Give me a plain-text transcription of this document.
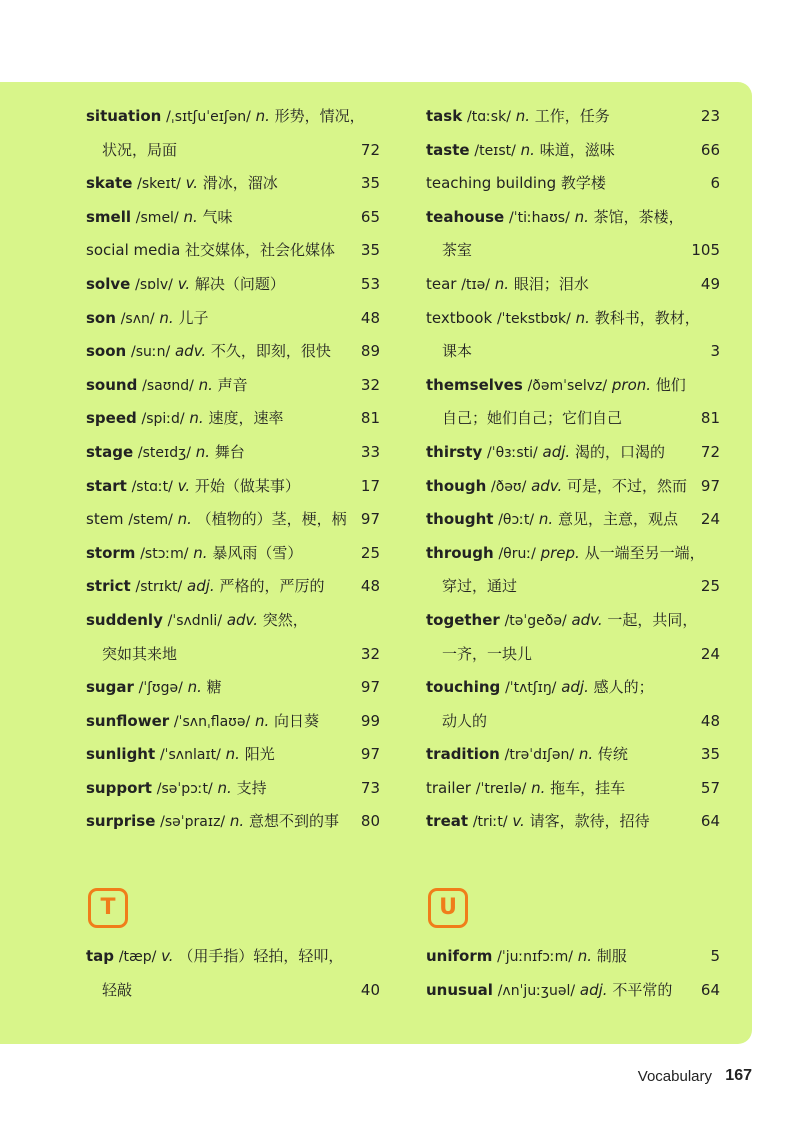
situation /ˌsɪtʃuˈeɪʃən/ n. 形势，情况，
状况，局面	72
skate /skeɪt/ v. 滑冰，溜冰	35
smell /smel/ n. 气味	65
social media 社交媒体，社会化媒体 35
solve /sɒlv/ v. 解决（问题）	53
son /sʌn/ n. 儿子	48
soon /suːn/ adv. 不久，即刻，很快 89
sound /saʊnd/ n. 声音	32
speed /spiːd/ n. 速度，速率	81
stage /steɪdʒ/ n. 舞台	33
start /stɑːt/ v. 开始（做某事）	17
stem /stem/ n. （植物的）茎，梗，柄 97
storm /stɔːm/ n. 暴风雨（雪）	25
strict /strɪkt/ adj. 严格的，严厉的 48
suddenly /ˈsʌdnli/ adv. 突然，
突如其来地	32
sugar /ˈʃʊgə/ n. 糖	97
sunflower /ˈsʌnˌflaʊə/ n. 向日葵	99
sunlight /ˈsʌnlaɪt/ n. 阳光	97
support /səˈpɔːt/ n. 支持	73
surprise /səˈpraɪz/ n. 意想不到的事 80
task /tɑːsk/ n. 工作，任务	23
taste /teɪst/ n. 味道，滋味	66
teaching building 教学楼	6
teahouse /ˈtiːhaʊs/ n. 茶馆，茶楼，
茶室	105
tear /tɪə/ n. 眼泪；泪水	49
textbook /ˈtekstbʊk/ n. 教科书，教材，
课本	3
themselves /ðəmˈselvz/ pron. 他们
自己；她们自己；它们自己	81
thirsty /ˈθɜːsti/ adj. 渴的，口渴的 72
though /ðəʊ/ adv. 可是，不过，然而 97
thought /θɔːt/ n. 意见，主意，观点 24
through /θruː/ prep. 从一端至另一端，
穿过，通过	25
together /təˈgeðə/ adv. 一起，共同，
一齐，一块儿	24
touching /ˈtʌtʃɪŋ/ adj. 感人的；
动人的	48
tradition /trəˈdɪʃən/ n. 传统	35
trailer /ˈtreɪlə/ n. 拖车，挂车	57
treat /triːt/ v. 请客，款待，招待	64
T	U
tap /tæp/ v. （用手指）轻拍，轻叩，
轻敲	40
uniform /ˈjuːnɪfɔːm/ n. 制服	5
unusual /ʌnˈjuːʒuəl/ adj. 不平常的 64
Vocabulary 167
